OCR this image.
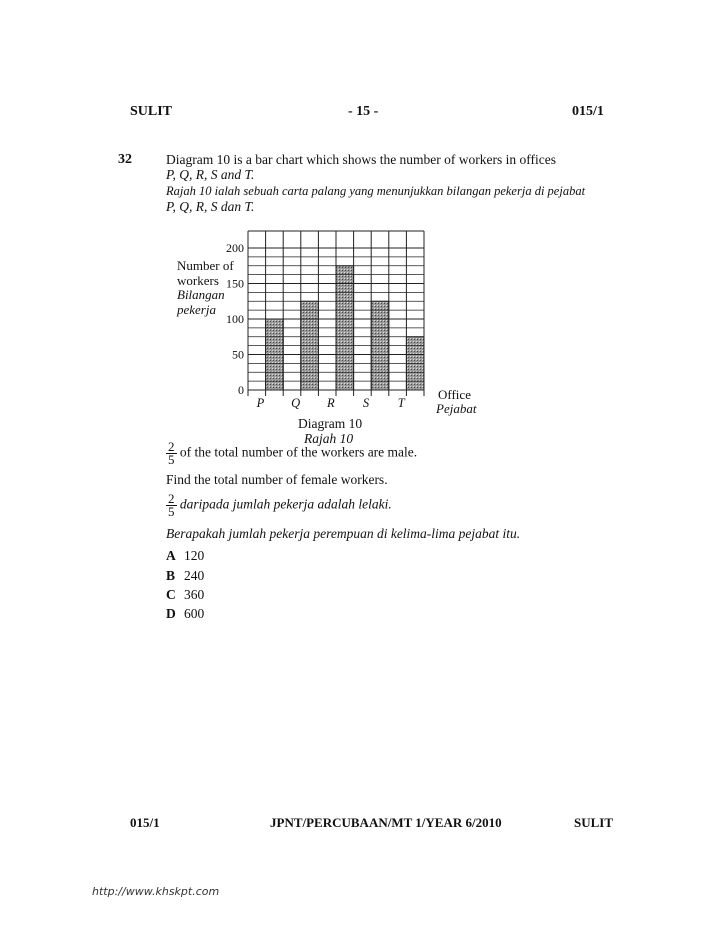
SULIT	- 15 -	015/1
32	Diagram 10 is a bar chart which shows the number of workers in offices
P, Q, R, S and T.
Rajah 10 ialah sebuah carta palang yang menunjukkan bilangan pekerja di pejabat
P, Q, R, S dan T.
0
50
100
150
200
P Q R S T
Number of
workers
Bilangan
pekerja
Office
Pejabat
Diagram 10
Rajah 10
$\frac{2}{5}$ of the total number of the workers are male.
Find the total number of female workers.
$\frac{2}{5}$ daripada jumlah pekerja adalah lelaki.
Berapakah jumlah pekerja perempuan di kelima-lima pejabat itu.
A 120
B 240
C 360
D 600
015/1	JPNT/PERCUBAAN/MT 1/YEAR 6/2010	SULIT
http://www.khskpt.com
